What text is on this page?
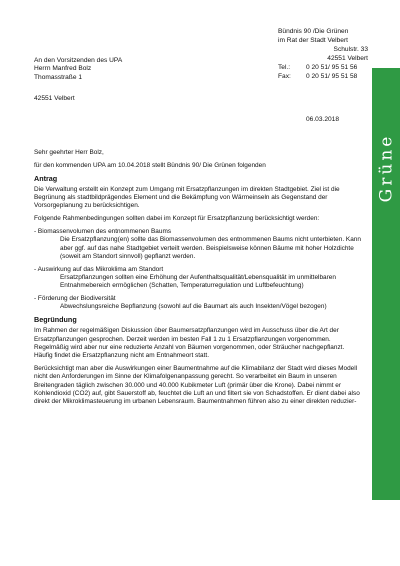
Bündnis 90 /Die Grünen
im Rat der Stadt Velbert
Schulstr. 33
42551 Velbert
Tel.:	0 20 51/ 95 51 56
Fax:	0 20 51/ 95 51 58
An den Vorsitzenden des UPA
Herrn Manfred Bolz
Thomasstraße 1
42551 Velbert
06.03.2018
Grüne

Sehr geehrter Herr Bolz,

für den kommenden UPA am 10.04.2018 stellt Bündnis 90/ Die Grünen folgenden

Antrag

Die Verwaltung erstellt ein Konzept zum Umgang mit Ersatzpflanzungen im direkten Stadtgebiet. Ziel ist die Begrünung als stadtbildprägendes Element und die Bekämpfung von Wärmeinseln als Gegenstand der Vorsorgeplanung zu berücksichtigen.

Folgende Rahmenbedingungen sollten dabei im Konzept für Ersatzpflanzung berücksichtigt werden:

- Biomassenvolumen des entnommenen Baums

Die Ersatzpflanzung(en) sollte das Biomassenvolumen des entnommenen Baums nicht unterbieten. Kann aber ggf. auf das nahe Stadtgebiet verteilt werden. Beispielsweise können Bäume mit hoher Holzdichte (soweit am Standort sinnvoll) gepflanzt werden.

- Auswirkung auf das Mikroklima am Standort

Ersatzpflanzungen sollten eine Erhöhung der Aufenthaltsqualität/Lebensqualität im unmittelbaren Entnahmebereich ermöglichen (Schatten, Temperaturregulation und Luftbefeuchtung)

- Förderung der Biodiversität

Abwechslungsreiche Bepflanzung (sowohl auf die Baumart als auch Insekten/Vögel bezogen)

Begründung

Im Rahmen der regelmäßigen Diskussion über Baumersatzpflanzungen wird im Ausschuss über die Art der Ersatzpflanzungen gesprochen. Derzeit werden im besten Fall 1 zu 1 Ersatzpflanzungen vorgenommen. Regelmäßig wird aber nur eine reduzierte Anzahl von Bäumen vorgenommen, oder Sträucher nachgepflanzt. Häufig findet die Ersatzpflanzung nicht am Entnahmeort statt.

Berücksichtigt man aber die Auswirkungen einer Baumentnahme auf die Klimabilanz der Stadt wird dieses Modell nicht den Anforderungen im Sinne der Klimafolgenanpassung gerecht. So verarbeitet ein Baum in unseren Breitengraden täglich zwischen 30.000 und 40.000 Kubikmeter Luft (primär über die Krone). Dabei nimmt er Kohlendioxid (CO2) auf, gibt Sauerstoff ab, feuchtet die Luft an und filtert sie von Schadstoffen. Er dient dabei also direkt der Mikroklimasteuerung im urbanen Lebensraum. Baumentnahmen führen also zu einer direkten reduzier-
